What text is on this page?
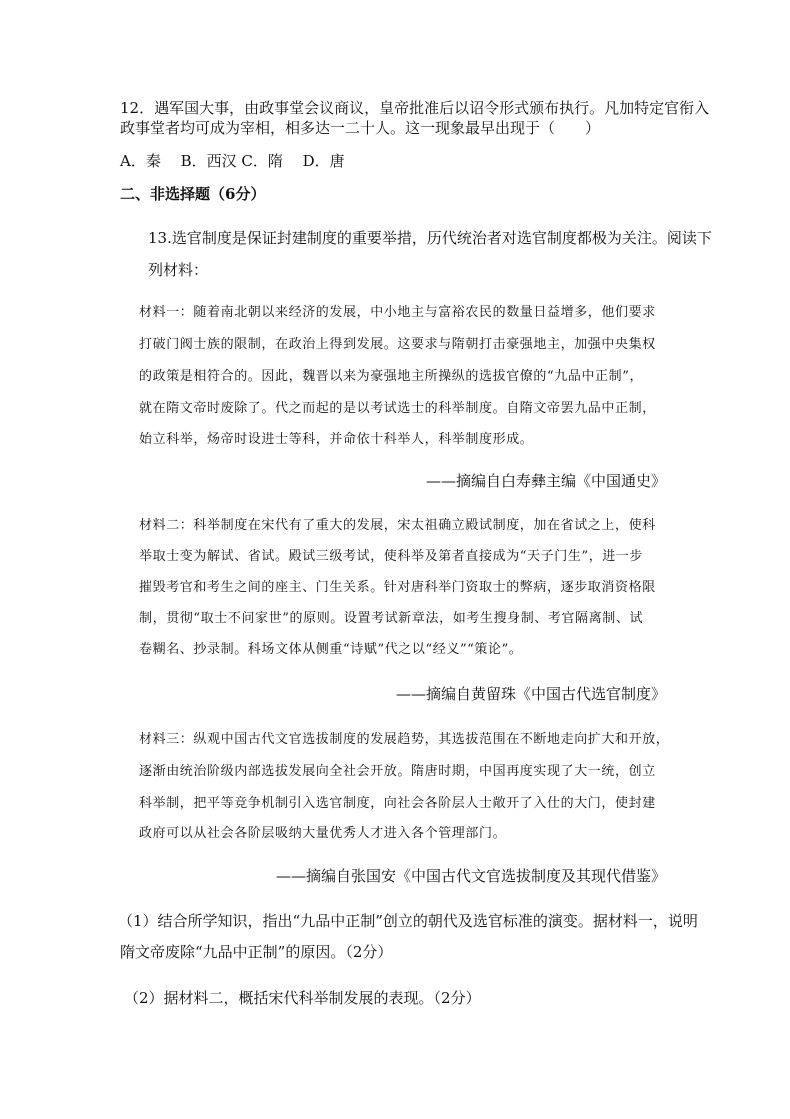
12．遇军国大事，由政事堂会议商议，皇帝批准后以诏令形式颁布执行。凡加特定官衔入
政事堂者均可成为宰相，相多达一二十人。这一现象最早出现于（　　）
A．秦　 B．西汉 C．隋　 D．唐
二、非选择题（6分）
13.选官制度是保证封建制度的重要举措，历代统治者对选官制度都极为关注。阅读下
列材料：
材料一：随着南北朝以来经济的发展，中小地主与富裕农民的数量日益增多，他们要求
打破门阀士族的限制，在政治上得到发展。这要求与隋朝打击豪强地主，加强中央集权
的政策是相符合的。因此，魏晋以来为豪强地主所操纵的选拔官僚的“九品中正制”，
就在隋文帝时废除了。代之而起的是以考试选士的科举制度。自隋文帝罢九品中正制，
始立科举，炀帝时设进士等科，并命依十科举人，科举制度形成。
——摘编自白寿彝主编《中国通史》
材料二：科举制度在宋代有了重大的发展，宋太祖确立殿试制度，加在省试之上，使科
举取士变为解试、省试。殿试三级考试，使科举及第者直接成为“天子门生”，进一步
摧毁考官和考生之间的座主、门生关系。针对唐科举门资取士的弊病，逐步取消资格限
制，贯彻“取士不问家世”的原则。设置考试新章法，如考生搜身制、考官隔离制、试
卷糊名、抄录制。科场文体从侧重“诗赋”代之以“经义”“策论”。
——摘编自黄留珠《中国古代选官制度》
材料三：纵观中国古代文官选拔制度的发展趋势，其选拔范围在不断地走向扩大和开放，
逐渐由统治阶级内部选拔发展向全社会开放。隋唐时期，中国再度实现了大一统，创立
科举制，把平等竞争机制引入选官制度，向社会各阶层人士敞开了入仕的大门，使封建
政府可以从社会各阶层吸纳大量优秀人才进入各个管理部门。
——摘编自张国安《中国古代文官选拔制度及其现代借鉴》
（1）结合所学知识，指出“九品中正制”创立的朝代及选官标准的演变。据材料一，说明
隋文帝废除“九品中正制”的原因。（2分）
（2）据材料二，概括宋代科举制发展的表现。（2分）
